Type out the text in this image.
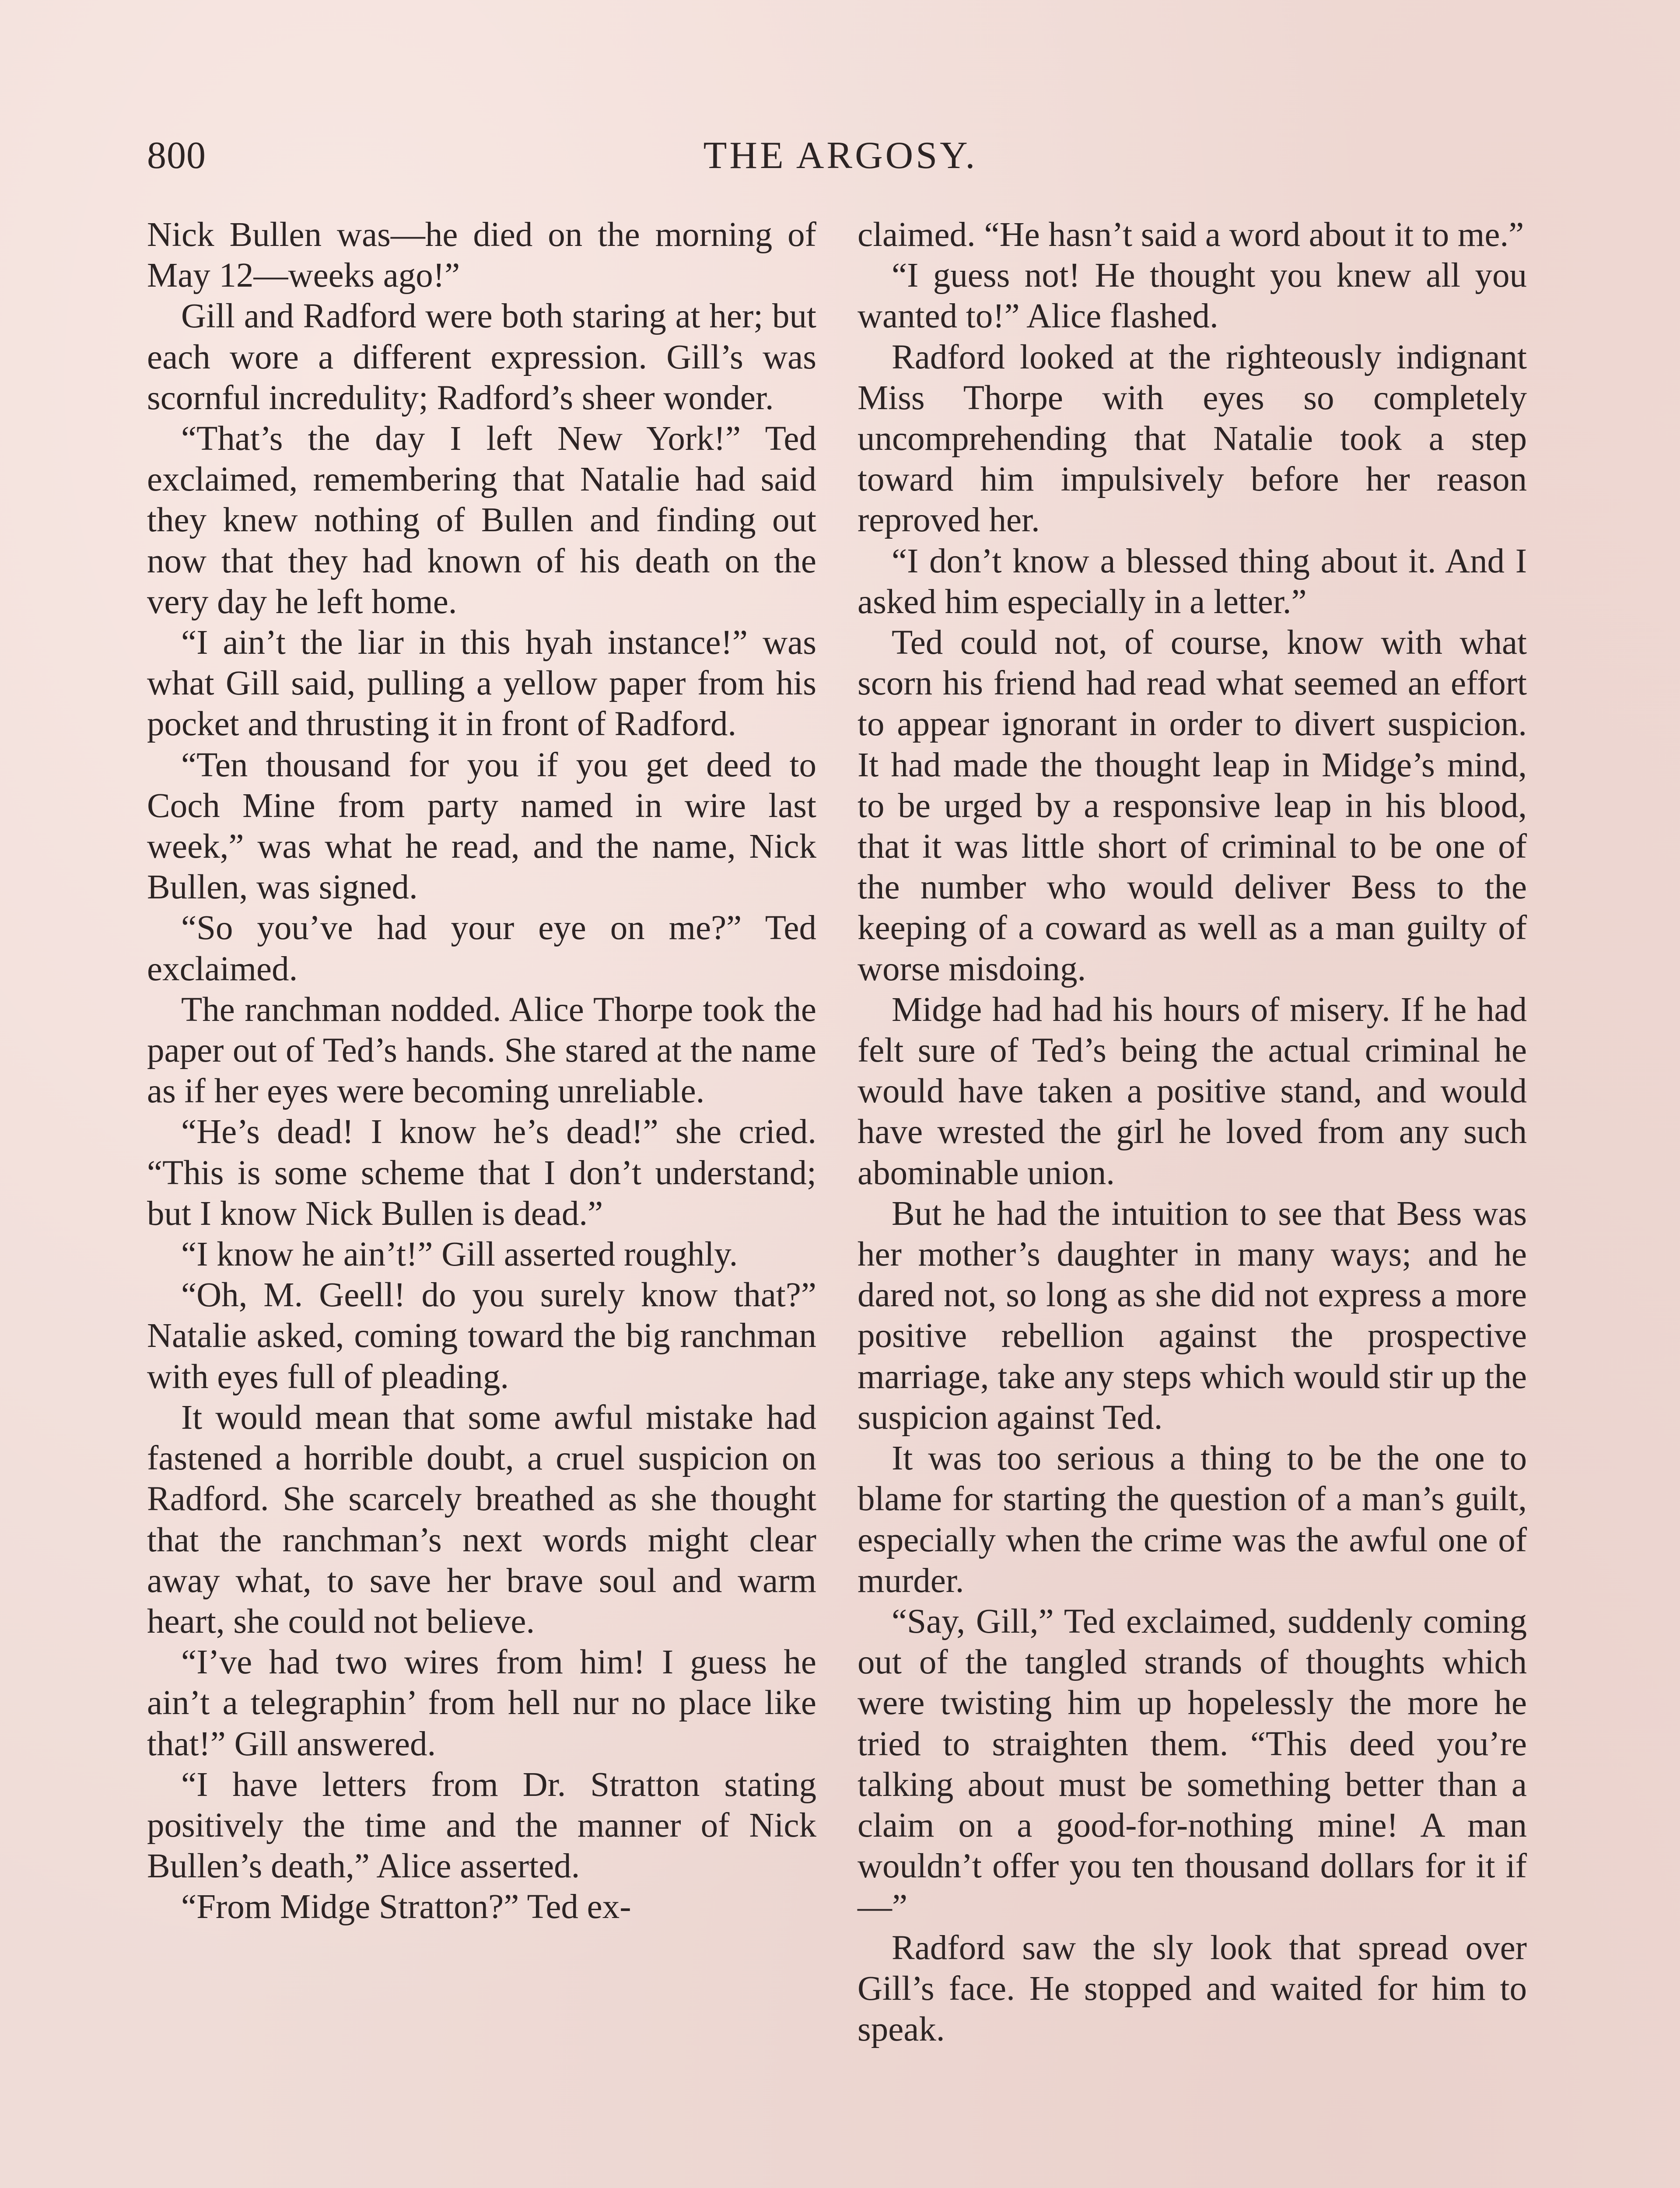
800	THE ARGOSY.

Nick Bullen was—he died on the morning of May 12—weeks ago!”

Gill and Radford were both staring at her; but each wore a different expression. Gill’s was scornful incredulity; Radford’s sheer wonder.

“That’s the day I left New York!” Ted exclaimed, remembering that Natalie had said they knew nothing of Bullen and finding out now that they had known of his death on the very day he left home.

“I ain’t the liar in this hyah instance!” was what Gill said, pulling a yellow paper from his pocket and thrusting it in front of Radford.

“Ten thousand for you if you get deed to Coch Mine from party named in wire last week,” was what he read, and the name, Nick Bullen, was signed.

“So you’ve had your eye on me?” Ted exclaimed.

The ranchman nodded. Alice Thorpe took the paper out of Ted’s hands. She stared at the name as if her eyes were becoming unreliable.

“He’s dead! I know he’s dead!” she cried. “This is some scheme that I don’t understand; but I know Nick Bullen is dead.”

“I know he ain’t!” Gill asserted roughly.

“Oh, M. Geell! do you surely know that?” Natalie asked, coming toward the big ranchman with eyes full of pleading.

It would mean that some awful mistake had fastened a horrible doubt, a cruel suspicion on Radford. She scarcely breathed as she thought that the ranchman’s next words might clear away what, to save her brave soul and warm heart, she could not believe.

“I’ve had two wires from him! I guess he ain’t a telegraphin’ from hell nur no place like that!” Gill answered.

“I have letters from Dr. Stratton stating positively the time and the manner of Nick Bullen’s death,” Alice asserted.

“From Midge Stratton?” Ted ex-

claimed. “He hasn’t said a word about it to me.”

“I guess not! He thought you knew all you wanted to!” Alice flashed.

Radford looked at the righteously indignant Miss Thorpe with eyes so completely uncomprehending that Natalie took a step toward him impulsively before her reason reproved her.

“I don’t know a blessed thing about it. And I asked him especially in a letter.”

Ted could not, of course, know with what scorn his friend had read what seemed an effort to appear ignorant in order to divert suspicion. It had made the thought leap in Midge’s mind, to be urged by a responsive leap in his blood, that it was little short of criminal to be one of the number who would deliver Bess to the keeping of a coward as well as a man guilty of worse misdoing.

Midge had had his hours of misery. If he had felt sure of Ted’s being the actual criminal he would have taken a positive stand, and would have wrested the girl he loved from any such abominable union.

But he had the intuition to see that Bess was her mother’s daughter in many ways; and he dared not, so long as she did not express a more positive rebellion against the prospective marriage, take any steps which would stir up the suspicion against Ted.

It was too serious a thing to be the one to blame for starting the question of a man’s guilt, especially when the crime was the awful one of murder.

“Say, Gill,” Ted exclaimed, suddenly coming out of the tangled strands of thoughts which were twisting him up hopelessly the more he tried to straighten them. “This deed you’re talking about must be something better than a claim on a good-for-nothing mine! A man wouldn’t offer you ten thousand dollars for it if—”

Radford saw the sly look that spread over Gill’s face. He stopped and waited for him to speak.
